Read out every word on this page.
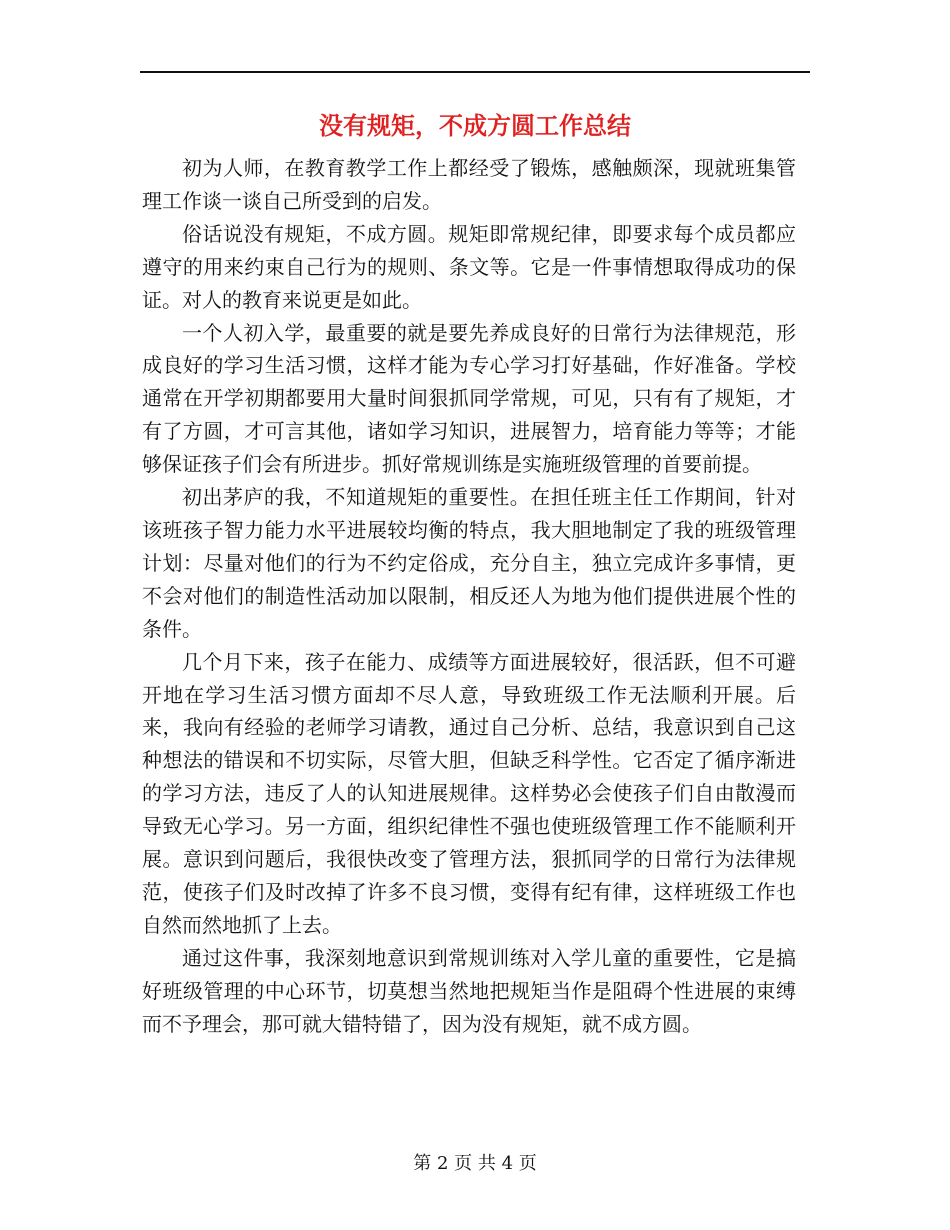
没有规矩，不成方圆工作总结

初为人师，在教育教学工作上都经受了锻炼，感触颇深，现就班集管理工作谈一谈自己所受到的启发。

俗话说没有规矩，不成方圆。规矩即常规纪律，即要求每个成员都应遵守的用来约束自己行为的规则、条文等。它是一件事情想取得成功的保证。对人的教育来说更是如此。

一个人初入学，最重要的就是要先养成良好的日常行为法律规范，形成良好的学习生活习惯，这样才能为专心学习打好基础，作好准备。学校通常在开学初期都要用大量时间狠抓同学常规，可见，只有有了规矩，才有了方圆，才可言其他，诸如学习知识，进展智力，培育能力等等；才能够保证孩子们会有所进步。抓好常规训练是实施班级管理的首要前提。

初出茅庐的我，不知道规矩的重要性。在担任班主任工作期间，针对该班孩子智力能力水平进展较均衡的特点，我大胆地制定了我的班级管理计划：尽量对他们的行为不约定俗成，充分自主，独立完成许多事情，更不会对他们的制造性活动加以限制，相反还人为地为他们提供进展个性的条件。

几个月下来，孩子在能力、成绩等方面进展较好，很活跃，但不可避开地在学习生活习惯方面却不尽人意，导致班级工作无法顺利开展。后来，我向有经验的老师学习请教，通过自己分析、总结，我意识到自己这种想法的错误和不切实际，尽管大胆，但缺乏科学性。它否定了循序渐进的学习方法，违反了人的认知进展规律。这样势必会使孩子们自由散漫而导致无心学习。另一方面，组织纪律性不强也使班级管理工作不能顺利开展。意识到问题后，我很快改变了管理方法，狠抓同学的日常行为法律规范，使孩子们及时改掉了许多不良习惯，变得有纪有律，这样班级工作也自然而然地抓了上去。

通过这件事，我深刻地意识到常规训练对入学儿童的重要性，它是搞好班级管理的中心环节，切莫想当然地把规矩当作是阻碍个性进展的束缚而不予理会，那可就大错特错了，因为没有规矩，就不成方圆。

第 2 页 共 4 页
